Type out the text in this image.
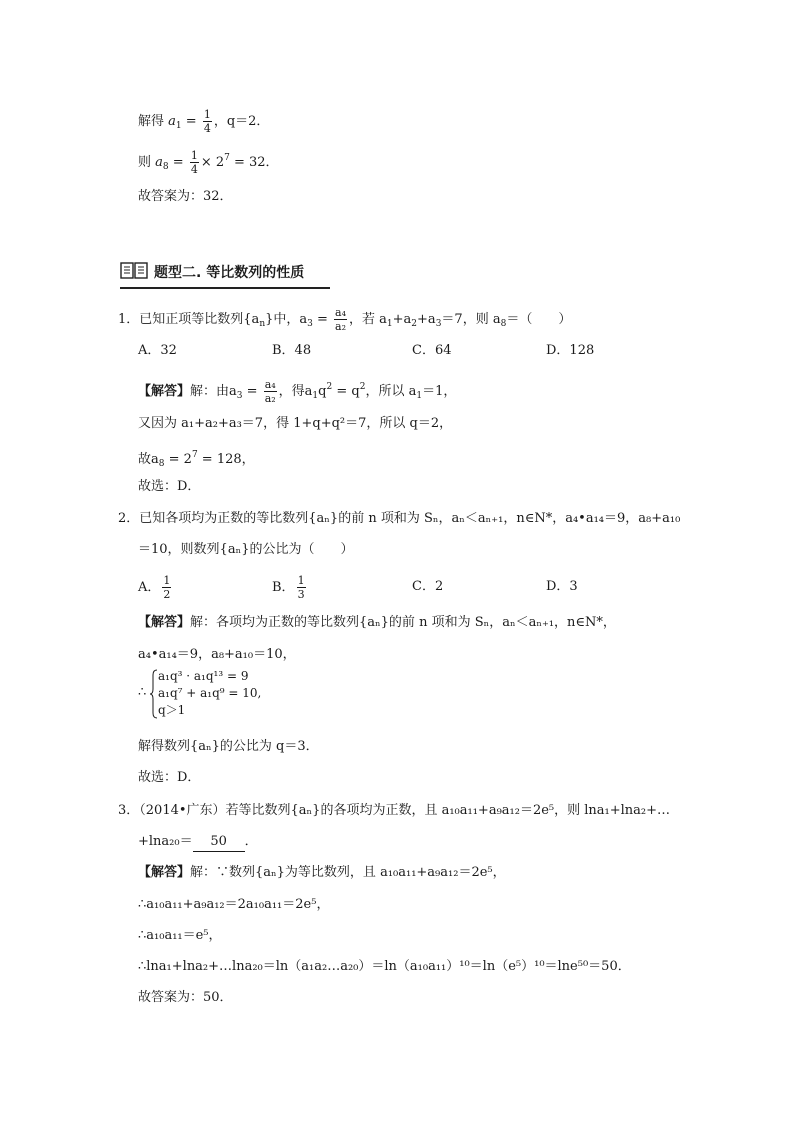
解得 $a_1 = \frac{1}{4}$ ，q＝2．
则 $a_8 = \frac{1}{4} \times 2^7 = 32$．
故答案为：32．
题型二. 等比数列的性质
1．已知正项等比数列$\{a_n\}$中，$a_3 = \frac{\text{a₄}}{\text{a₂}}$ ，若 $a_1+a_2+a_3=7$，则 $a_8=$（　　）
A．32	B．48	C．64	D．128
【解答】解：由$a_3 = \frac{\text{a₄}}{\text{a₂}}$ ，得$a_1q^2 = q^2$，所以 $a_1=1$，
又因为 a₁+a₂+a₃＝7，得 1+q+q²＝7，所以 q＝2，
故$a_8 = 2^7 = 128$，
故选：D．
2．已知各项均为正数的等比数列{aₙ}的前 n 项和为 Sₙ，aₙ＜aₙ₊₁，n∈N*，a₄•a₁₄＝9，a₈+a₁₀
＝10，则数列{aₙ}的公比为（　　）
A． $\frac{1}{2}$	B． $\frac{1}{3}$	C．2	D．3
【解答】解：各项均为正数的等比数列{aₙ}的前 n 项和为 Sₙ，aₙ＜aₙ₊₁，n∈N*，
a₄•a₁₄＝9，a₈+a₁₀＝10，
∴
a₁q³ · a₁q¹³ = 9
a₁q⁷ + a₁q⁹ = 10,
q＞1
解得数列{aₙ}的公比为 q＝3．
故选：D．
3．（2014•广东）若等比数列{aₙ}的各项均为正数，且 a₁₀a₁₁+a₉a₁₂＝2e⁵，则 lna₁+lna₂+…
+lna₂₀＝ 50 ．
【解答】解：∵数列{aₙ}为等比数列，且 a₁₀a₁₁+a₉a₁₂＝2e⁵，
∴a₁₀a₁₁+a₉a₁₂＝2a₁₀a₁₁＝2e⁵，
∴a₁₀a₁₁＝e⁵，
∴lna₁+lna₂+…lna₂₀＝ln（a₁a₂…a₂₀）＝ln（a₁₀a₁₁）¹⁰＝ln（e⁵）¹⁰＝lne⁵⁰＝50．
故答案为：50．
